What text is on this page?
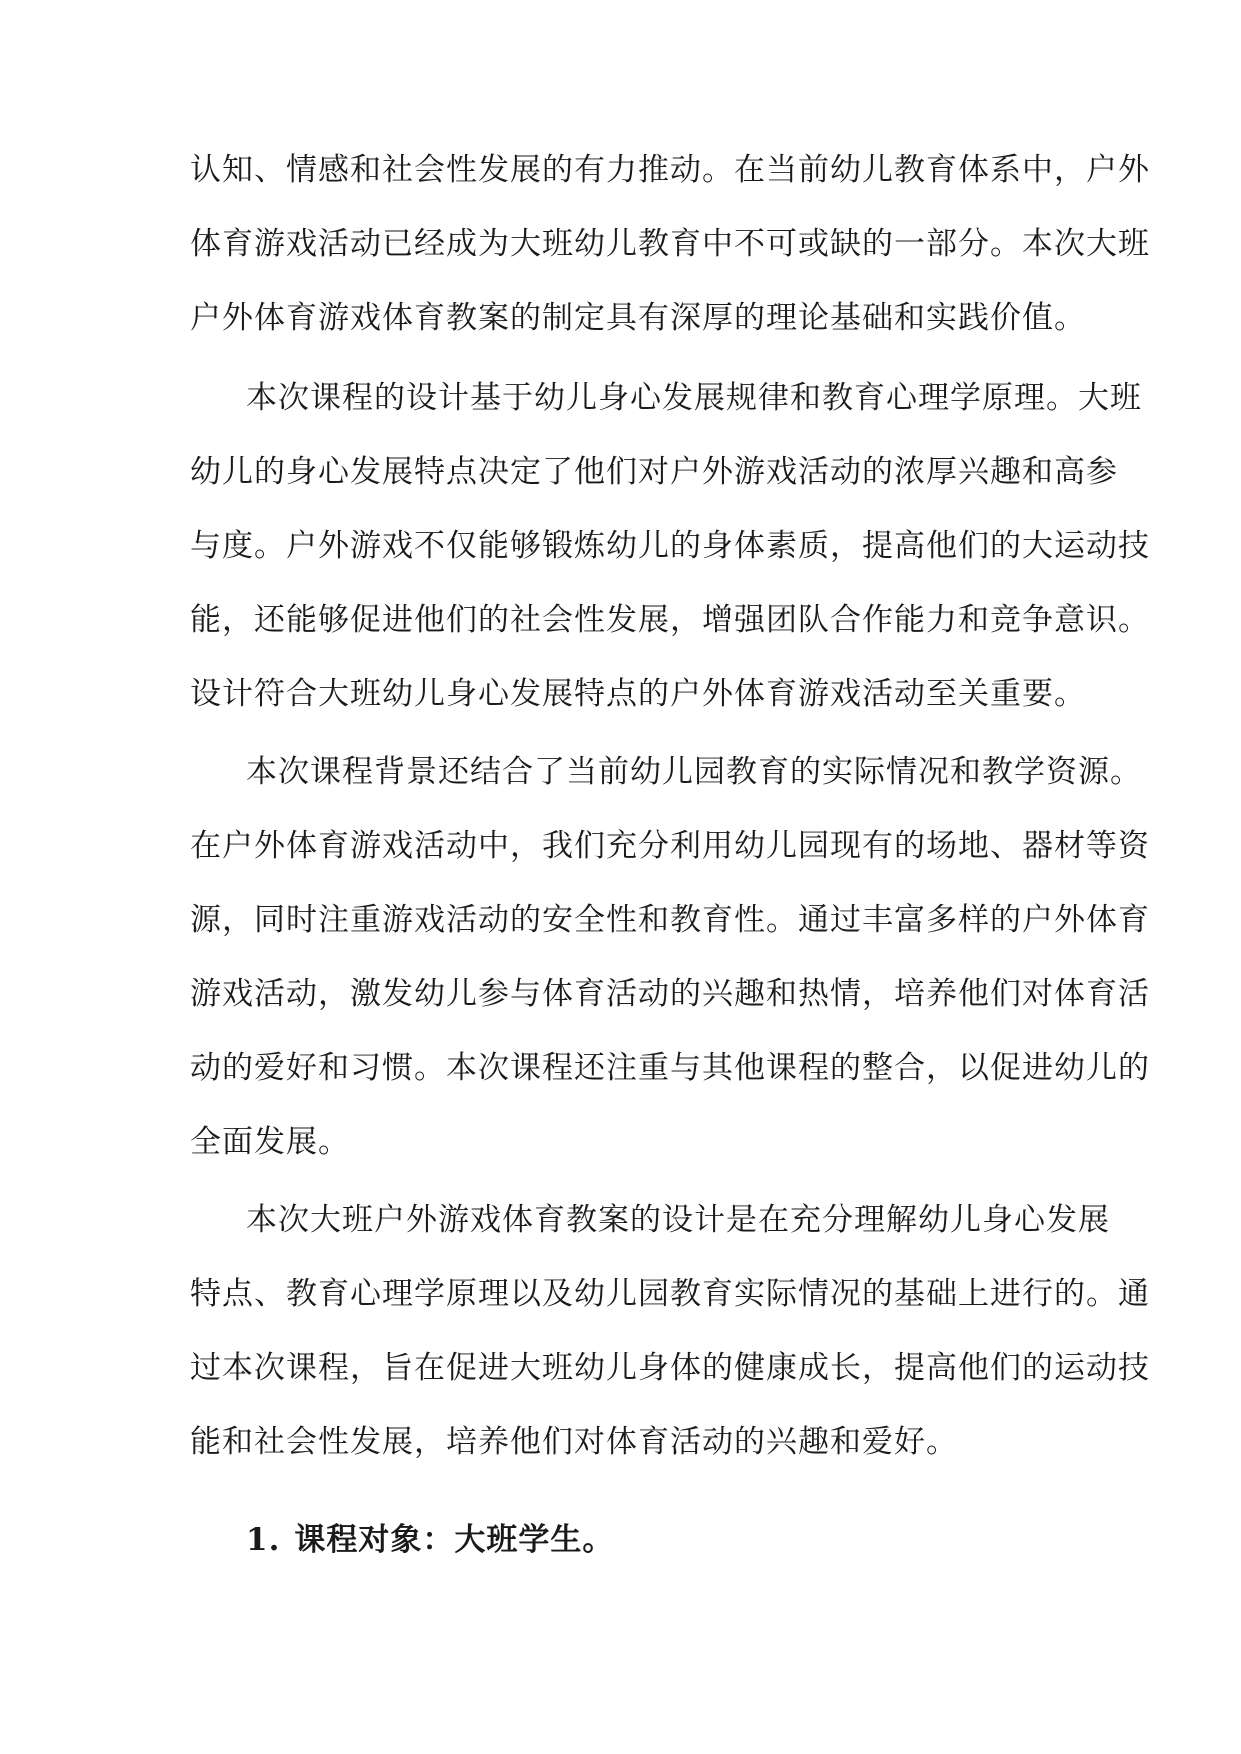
认知、情感和社会性发展的有力推动。在当前幼儿教育体系中，户外
体育游戏活动已经成为大班幼儿教育中不可或缺的一部分。本次大班
户外体育游戏体育教案的制定具有深厚的理论基础和实践价值。
本次课程的设计基于幼儿身心发展规律和教育心理学原理。大班
幼儿的身心发展特点决定了他们对户外游戏活动的浓厚兴趣和高参
与度。户外游戏不仅能够锻炼幼儿的身体素质，提高他们的大运动技
能，还能够促进他们的社会性发展，增强团队合作能力和竞争意识。
设计符合大班幼儿身心发展特点的户外体育游戏活动至关重要。
本次课程背景还结合了当前幼儿园教育的实际情况和教学资源。
在户外体育游戏活动中，我们充分利用幼儿园现有的场地、器材等资
源，同时注重游戏活动的安全性和教育性。通过丰富多样的户外体育
游戏活动，激发幼儿参与体育活动的兴趣和热情，培养他们对体育活
动的爱好和习惯。本次课程还注重与其他课程的整合，以促进幼儿的
全面发展。
本次大班户外游戏体育教案的设计是在充分理解幼儿身心发展
特点、教育心理学原理以及幼儿园教育实际情况的基础上进行的。通
过本次课程，旨在促进大班幼儿身体的健康成长，提高他们的运动技
能和社会性发展，培养他们对体育活动的兴趣和爱好。
1. 课程对象：大班学生。
